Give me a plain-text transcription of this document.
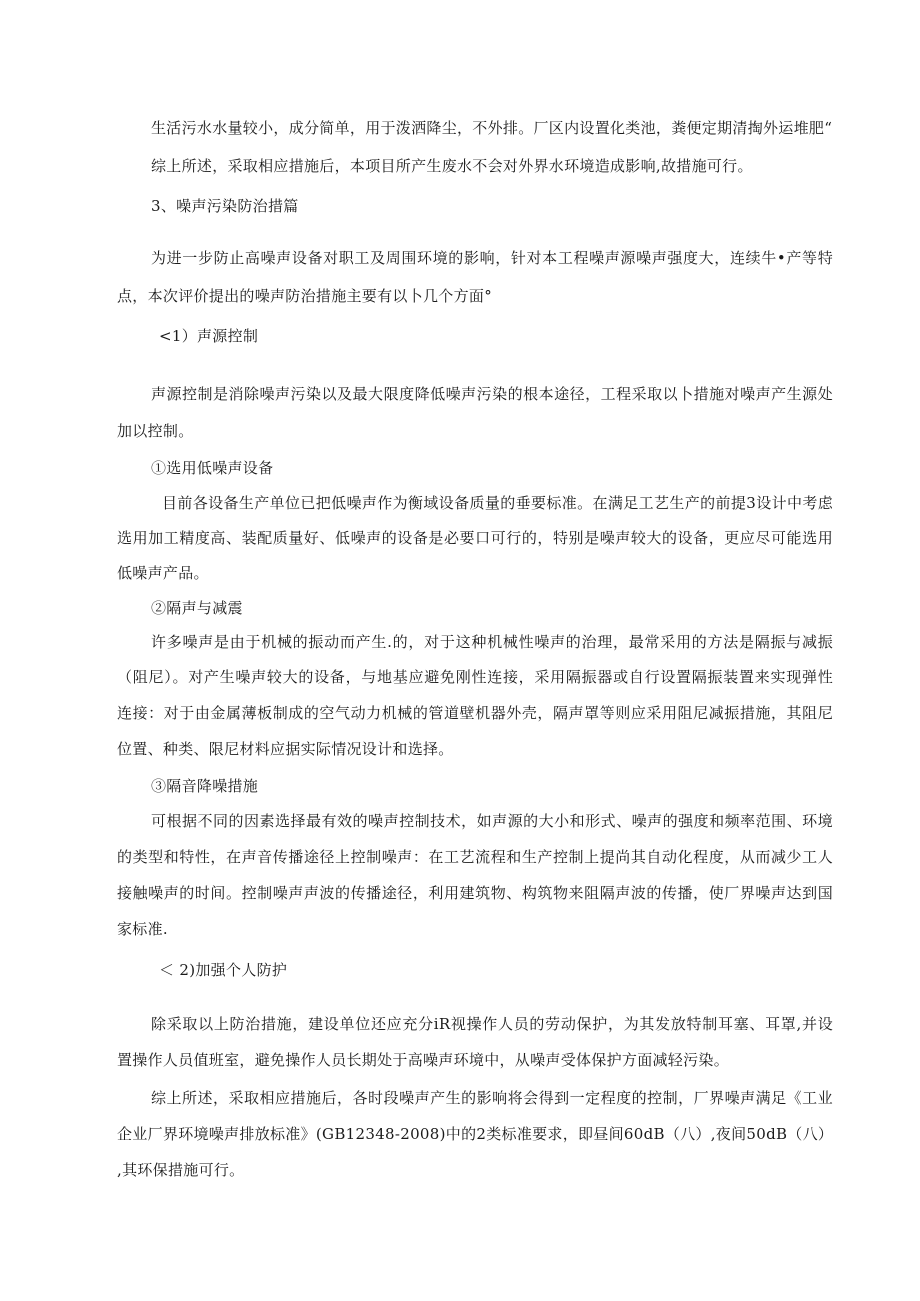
生活污水水量较小，成分简单，用于泼洒降尘，不外排。厂区内设置化类池，粪便定期清掏外运堆肥“
综上所述，采取相应措施后，本项目所产生废水不会对外界水环境造成影响,故措施可行。
3、噪声污染防治措篇
为进一步防止高噪声设备对职工及周围环境的影响，针对本工程噪声源噪声强度大，连续牛•产等特
点，本次评价提出的噪声防治措施主要有以卜几个方面°
<1）声源控制
声源控制是消除噪声污染以及最大限度降低噪声污染的根本途径，工程采取以卜措施对噪声产生源处
加以控制。
①选用低噪声设备
目前各设备生产单位已把低噪声作为衡域设备质量的垂要标准。在满足工艺生产的前提3设计中考虑
选用加工精度高、装配质量好、低噪声的设备是必要口可行的，特别是噪声较大的设备，更应尽可能选用
低噪声产品。
②隔声与减震
许多噪声是由于机械的振动而产生.的，对于这种机械性噪声的治理，最常采用的方法是隔振与减振
（阻尼）。对产生噪声较大的设备，与地基应避免刚性连接，采用隔振器或自行设置隔振装置来实现弹性
连接：对于由金属薄板制成的空气动力机械的管道壁机器外壳，隔声罩等则应采用阻尼减振措施，其阻尼
位置、种类、限尼材料应据实际情况设计和选择。
③隔音降噪措施
可根据不同的因素选择最有效的噪声控制技术，如声源的大小和形式、噪声的强度和频率范围、环境
的类型和特性，在声音传播途径上控制噪声：在工艺流程和生产控制上提尚其自动化程度，从而减少工人
接触噪声的时间。控制噪声声波的传播途径，利用建筑物、构筑物来阻隔声波的传播，使厂界噪声达到国
家标准.
＜ 2)加强个人防护
除采取以上防治措施，建设单位还应充分iR视操作人员的劳动保护，为其发放特制耳塞、耳罩,并设
置操作人员值班室，避免操作人员长期处于高噪声环境中，从噪声受体保护方面减轻污染。
综上所述，采取相应措施后，各时段噪声产生的影响将会得到一定程度的控制，厂界噪声满足《工业
企业厂界环境噪声排放标准》(GB12348-2008)中的2类标准要求，即昼间60dB（八）,夜间50dB（八）
,其环保措施可行。
